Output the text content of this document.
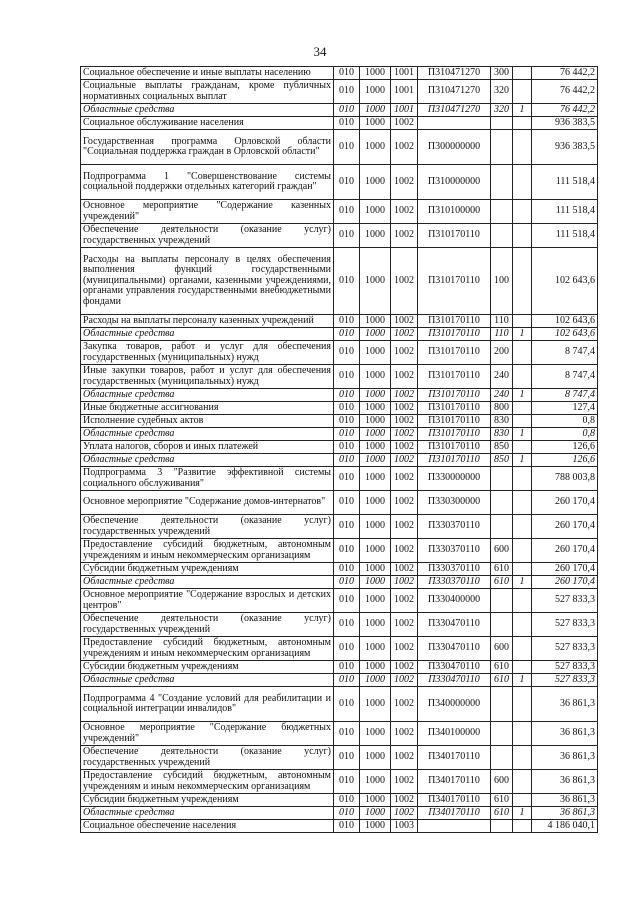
34
Социальное обеспечение и иные выплаты населению	010	1000	1001	П310471270	300		76 442,2
Социальные выплаты гражданам, кроме публичных нормативных социальных выплат	010	1000	1001	П310471270	320		76 442,2
Областные средства	010	1000	1001	П310471270	320	1	76 442,2
Социальное обслуживание населения	010	1000	1002				936 383,5
Государственная программа Орловской области "Социальная поддержка граждан в Орловской области"	010	1000	1002	П300000000			936 383,5
Подпрограмма 1 "Совершенствование системы социальной поддержки отдельных категорий граждан"	010	1000	1002	П310000000			111 518,4
Основное мероприятие "Содержание казенных учреждений"	010	1000	1002	П310100000			111 518,4
Обеспечение деятельности (оказание услуг) государственных учреждений	010	1000	1002	П310170110			111 518,4
Расходы на выплаты персоналу в целях обеспечения выполнения функций государственными (муниципальными) органами, казенными учреждениями, органами управления государственными внебюджетными фондами	010	1000	1002	П310170110	100		102 643,6
Расходы на выплаты персоналу казенных учреждений	010	1000	1002	П310170110	110		102 643,6
Областные средства	010	1000	1002	П310170110	110	1	102 643,6
Закупка товаров, работ и услуг для обеспечения государственных (муниципальных) нужд	010	1000	1002	П310170110	200		8 747,4
Иные закупки товаров, работ и услуг для обеспечения государственных (муниципальных) нужд	010	1000	1002	П310170110	240		8 747,4
Областные средства	010	1000	1002	П310170110	240	1	8 747,4
Иные бюджетные ассигнования	010	1000	1002	П310170110	800		127,4
Исполнение судебных актов	010	1000	1002	П310170110	830		0,8
Областные средства	010	1000	1002	П310170110	830	1	0,8
Уплата налогов, сборов и иных платежей	010	1000	1002	П310170110	850		126,6
Областные средства	010	1000	1002	П310170110	850	1	126,6
Подпрограмма 3 "Развитие эффективной системы социального обслуживания"	010	1000	1002	П330000000			788 003,8
Основное мероприятие "Содержание домов-интернатов"	010	1000	1002	П330300000			260 170,4
Обеспечение деятельности (оказание услуг) государственных учреждений	010	1000	1002	П330370110			260 170,4
Предоставление субсидий бюджетным, автономным учреждениям и иным некоммерческим организациям	010	1000	1002	П330370110	600		260 170,4
Субсидии бюджетным учреждениям	010	1000	1002	П330370110	610		260 170,4
Областные средства	010	1000	1002	П330370110	610	1	260 170,4
Основное мероприятие "Содержание взрослых и детских центров"	010	1000	1002	П330400000			527 833,3
Обеспечение деятельности (оказание услуг) государственных учреждений	010	1000	1002	П330470110			527 833,3
Предоставление субсидий бюджетным, автономным учреждениям и иным некоммерческим организациям	010	1000	1002	П330470110	600		527 833,3
Субсидии бюджетным учреждениям	010	1000	1002	П330470110	610		527 833,3
Областные средства	010	1000	1002	П330470110	610	1	527 833,3
Подпрограмма 4 "Создание условий для реабилитации и социальной интеграции инвалидов"	010	1000	1002	П340000000			36 861,3
Основное мероприятие "Содержание бюджетных учреждений"	010	1000	1002	П340100000			36 861,3
Обеспечение деятельности (оказание услуг) государственных учреждений	010	1000	1002	П340170110			36 861,3
Предоставление субсидий бюджетным, автономным учреждениям и иным некоммерческим организациям	010	1000	1002	П340170110	600		36 861,3
Субсидии бюджетным учреждениям	010	1000	1002	П340170110	610		36 861,3
Областные средства	010	1000	1002	П340170110	610	1	36 861,3
Социальное обеспечение населения	010	1000	1003				4 186 040,1
